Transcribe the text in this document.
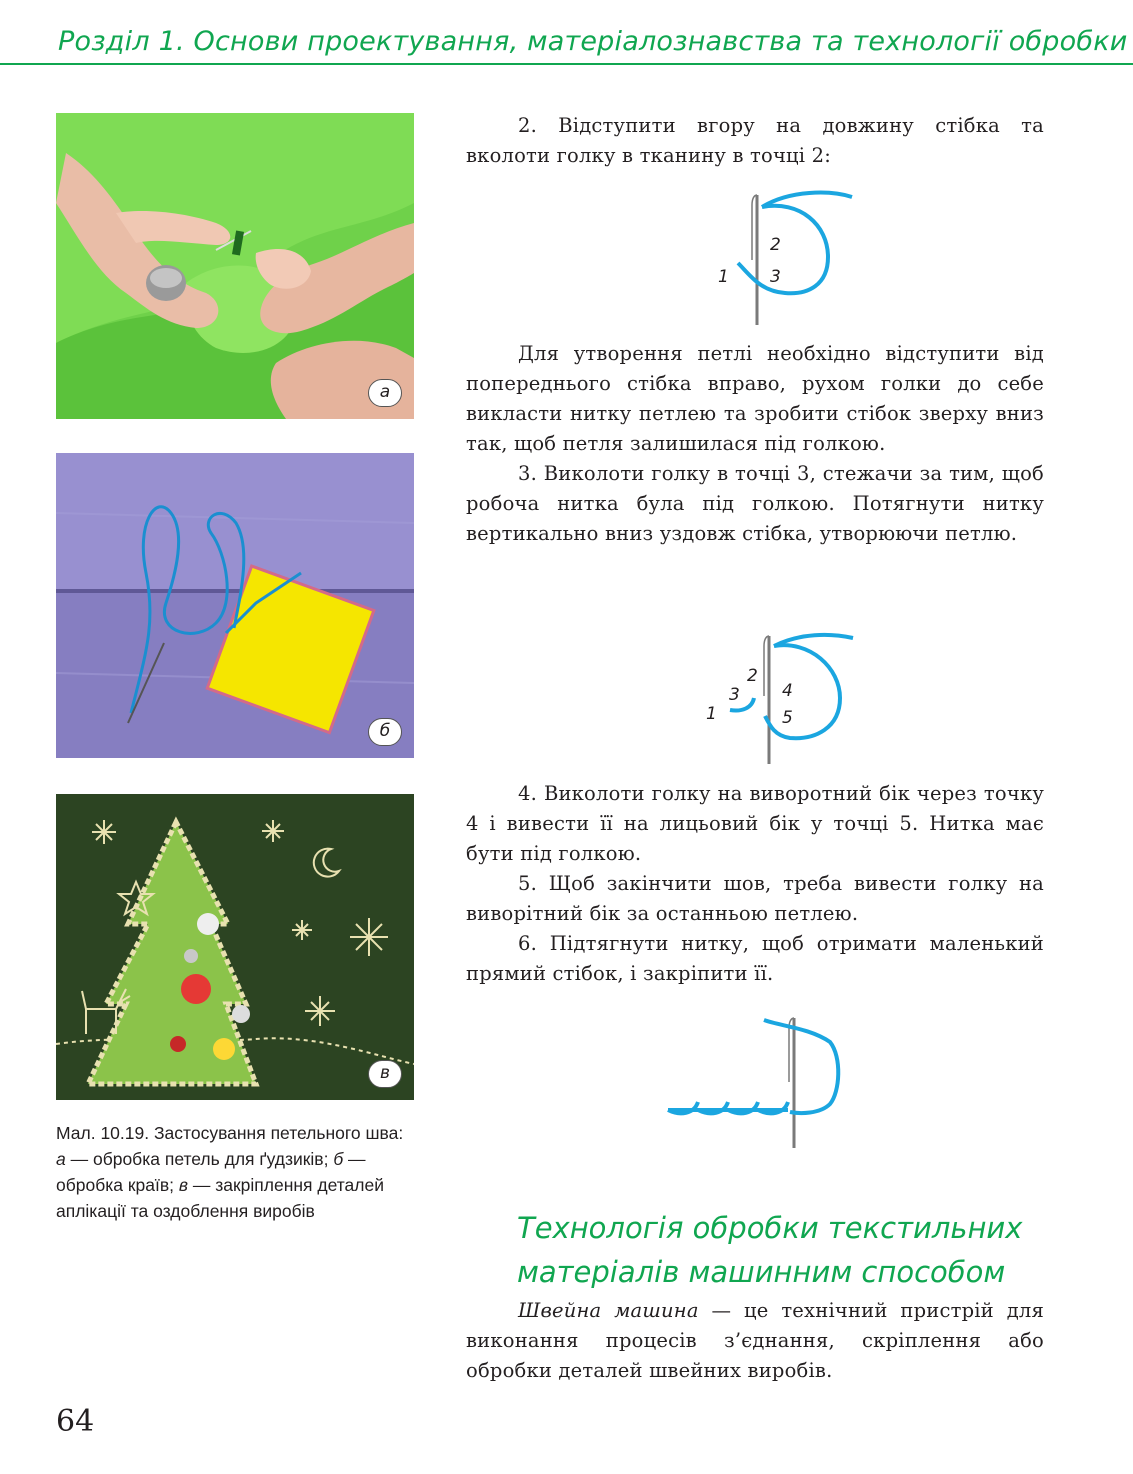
Розділ 1. Основи проектування, матеріалознавства та технології обробки
а
б
в
Мал. 10.19. Застосування петельного шва: а — обробка петель для ґудзиків; б — обробка країв; в — закріплення деталей аплікації та оздоблення виробів

2. Відступити вгору на довжину стібка та вколоти голку в тканину в точці 2:

2
1 3

Для утворення петлі необхідно відступити від попереднього стібка вправо, рухом голки до себе викласти нитку петлею та зробити стібок зверху вниз так, щоб петля залишилася під голкою.

3. Виколоти голку в точці 3, стежачи за тим, щоб робоча нитка була під голкою. Потягнути нитку вертикально вниз уздовж стібка, утворюючи петлю.

2
3 4
1	5

4. Виколоти голку на виворотний бік через точку 4 і вивести її на лицьовий бік у точці 5. Нитка має бути під голкою.

5. Щоб закінчити шов, треба вивести голку на виворітний бік за останньою петлею.

6. Підтягнути нитку, щоб отримати маленький прямий стібок, і закріпити її.

Технологія обробки текстильних матеріалів машинним способом

Швейна машина — це технічний пристрій для виконання процесів з’єднання, скріплення або обробки деталей швейних виробів.

64
